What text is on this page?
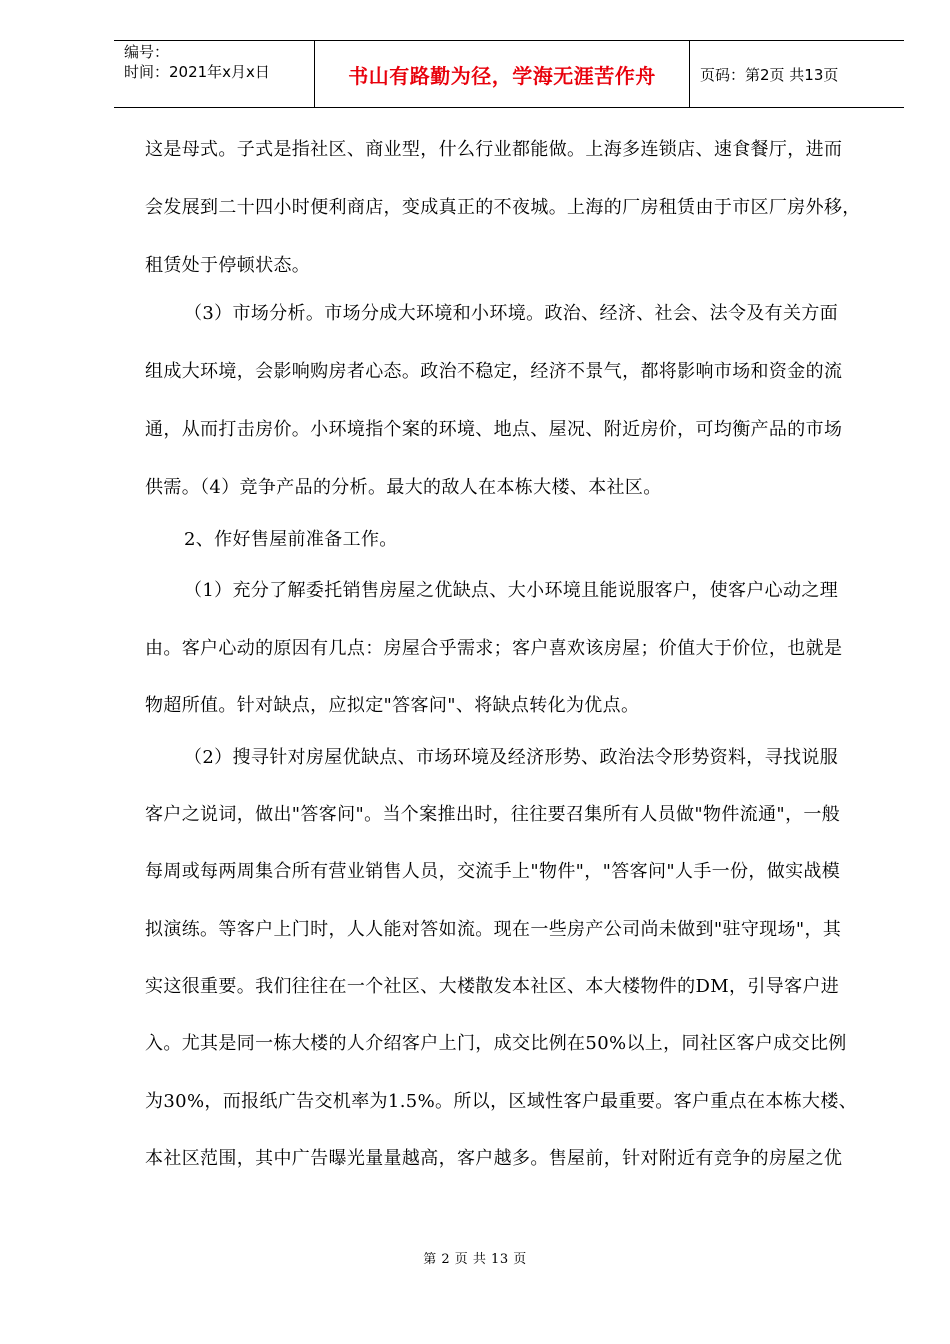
编号：
时间：2021年x月x日	书山有路勤为径，学海无涯苦作舟	页码：第2页 共13页
这是母式。子式是指社区、商业型，什么行业都能做。上海多连锁店、速食餐厅，进而
会发展到二十四小时便利商店，变成真正的不夜城。上海的厂房租赁由于市区厂房外移，
租赁处于停顿状态。
（3）市场分析。市场分成大环境和小环境。政治、经济、社会、法令及有关方面
组成大环境，会影响购房者心态。政治不稳定，经济不景气，都将影响市场和资金的流
通，从而打击房价。小环境指个案的环境、地点、屋况、附近房价，可均衡产品的市场
供需。（4）竞争产品的分析。最大的敌人在本栋大楼、本社区。
2、作好售屋前准备工作。
（1）充分了解委托销售房屋之优缺点、大小环境且能说服客户，使客户心动之理
由。客户心动的原因有几点：房屋合乎需求；客户喜欢该房屋；价值大于价位，也就是
物超所值。针对缺点，应拟定"答客问"、将缺点转化为优点。
（2）搜寻针对房屋优缺点、市场环境及经济形势、政治法令形势资料，寻找说服
客户之说词，做出"答客问"。当个案推出时，往往要召集所有人员做"物件流通"，一般
每周或每两周集合所有营业销售人员，交流手上"物件"，"答客问"人手一份，做实战模
拟演练。等客户上门时，人人能对答如流。现在一些房产公司尚未做到"驻守现场"，其
实这很重要。我们往往在一个社区、大楼散发本社区、本大楼物件的DM，引导客户进
入。尤其是同一栋大楼的人介绍客户上门，成交比例在50%以上，同社区客户成交比例
为30%，而报纸广告交机率为1.5%。所以，区域性客户最重要。客户重点在本栋大楼、
本社区范围，其中广告曝光量量越高，客户越多。售屋前，针对附近有竞争的房屋之优
第 2 页 共 13 页
